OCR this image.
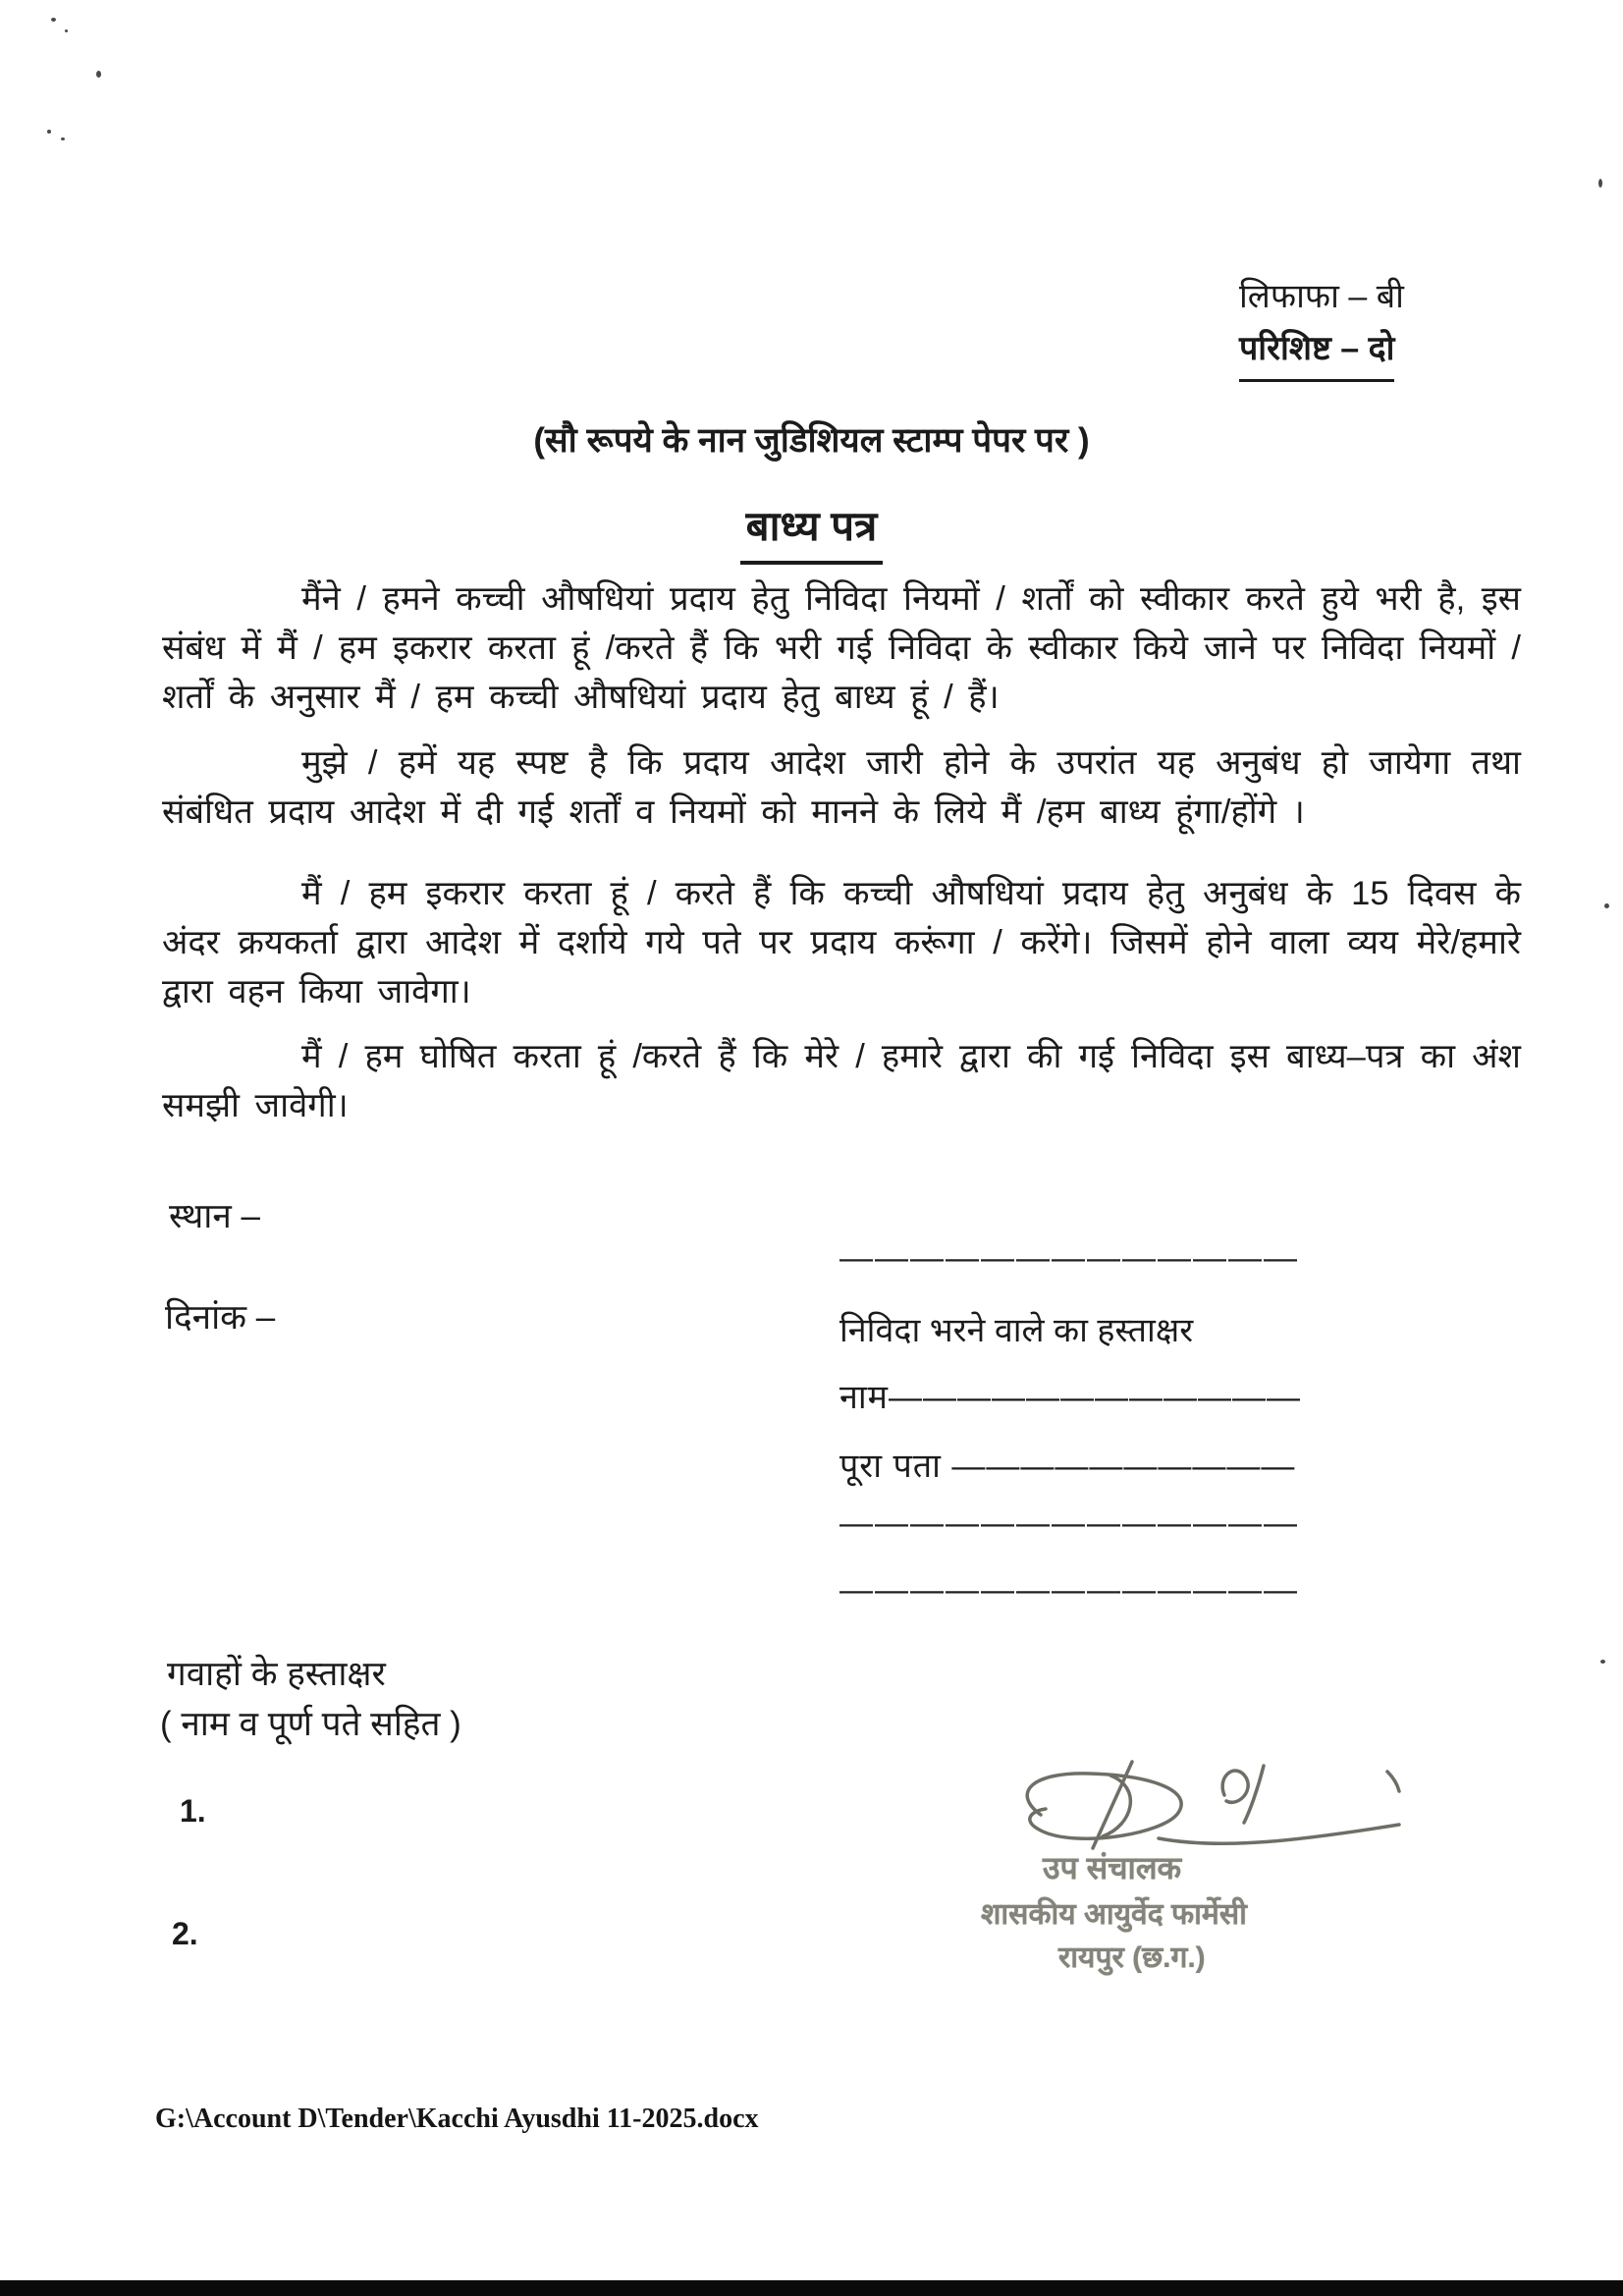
लिफाफा – बी
परिशिष्ट – दो
(सौ रूपये के नान जुडिशियल स्टाम्प पेपर पर )
बाध्य पत्र
मैंने / हमने कच्ची औषधियां प्रदाय हेतु निविदा नियमों / शर्तों को स्वीकार करते हुये भरी है, इस संबंध में मैं / हम इकरार करता हूं /करते हैं कि भरी गई निविदा के स्वीकार किये जाने पर निविदा नियमों /शर्तों के अनुसार मैं / हम कच्ची औषधियां प्रदाय हेतु बाध्य हूं / हैं।
मुझे / हमें यह स्पष्ट है कि प्रदाय आदेश जारी होने के उपरांत यह अनुबंध हो जायेगा तथा संबंधित प्रदाय आदेश में दी गई शर्तों व नियमों को मानने के लिये मैं /हम बाध्य हूंगा/होंगे ।
मैं / हम इकरार करता हूं / करते हैं कि कच्ची औषधियां प्रदाय हेतु अनुबंध के 15 दिवस के अंदर क्रयकर्ता द्वारा आदेश में दर्शाये गये पते पर प्रदाय करूंगा / करेंगे। जिसमें होने वाला व्यय मेरे/हमारे द्वारा वहन किया जावेगा।
मैं / हम घोषित करता हूं /करते हैं कि मेरे / हमारे द्वारा की गई निविदा इस बाध्य–पत्र का अंश समझी जावेगी।
स्थान –
दिनांक –
—————————————
निविदा भरने वाले का हस्ताक्षर
नाम————————————
पूरा पता ——————————
—————————————
—————————————
गवाहों के हस्ताक्षर
( नाम व पूर्ण पते सहित )
1.
2.
उप संचालक
शासकीय आयुर्वेद फार्मेसी
रायपुर (छ.ग.)
G:\Account D\Tender\Kacchi Ayusdhi 11-2025.docx
